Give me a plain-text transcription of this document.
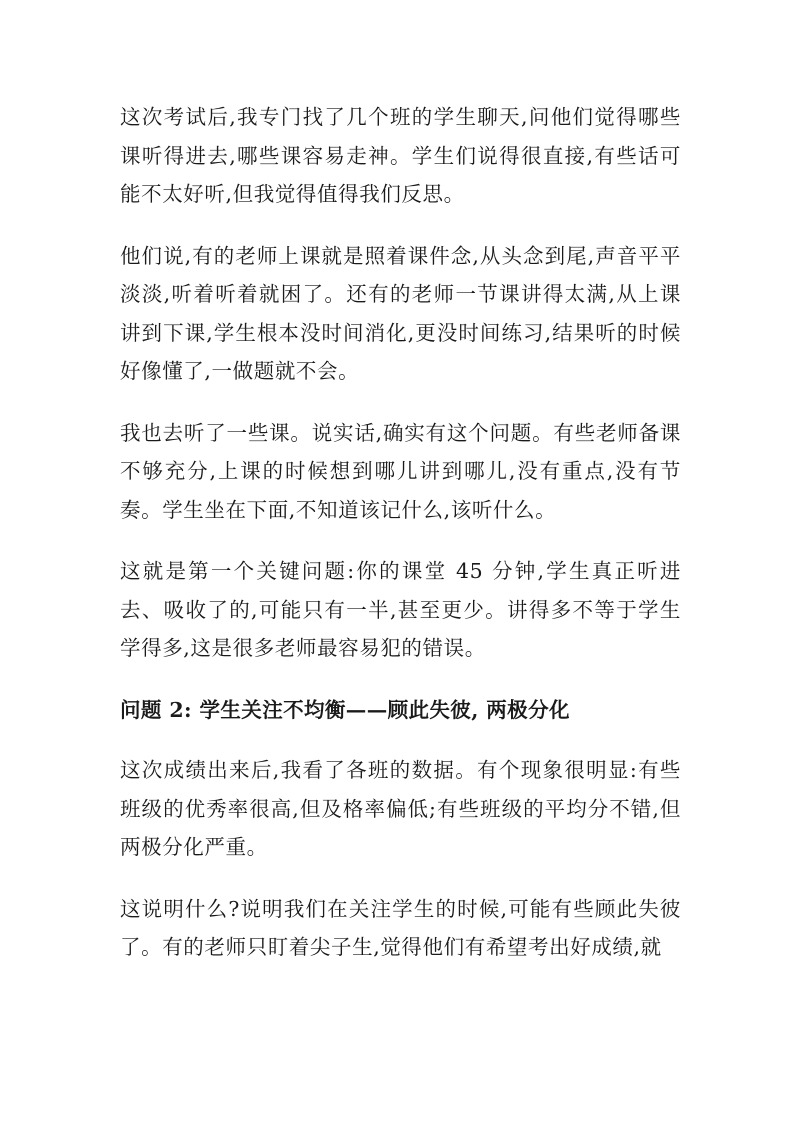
这次考试后,我专门找了几个班的学生聊天,问他们觉得哪些课听得进去,哪些课容易走神。学生们说得很直接,有些话可能不太好听,但我觉得值得我们反思。

他们说,有的老师上课就是照着课件念,从头念到尾,声音平平淡淡,听着听着就困了。还有的老师一节课讲得太满,从上课讲到下课,学生根本没时间消化,更没时间练习,结果听的时候好像懂了,一做题就不会。

我也去听了一些课。说实话,确实有这个问题。有些老师备课不够充分,上课的时候想到哪儿讲到哪儿,没有重点,没有节奏。学生坐在下面,不知道该记什么,该听什么。

这就是第一个关键问题:你的课堂 45 分钟,学生真正听进去、吸收了的,可能只有一半,甚至更少。讲得多不等于学生学得多,这是很多老师最容易犯的错误。

问题 2: 学生关注不均衡——顾此失彼, 两极分化

这次成绩出来后,我看了各班的数据。有个现象很明显:有些班级的优秀率很高,但及格率偏低;有些班级的平均分不错,但两极分化严重。

这说明什么?说明我们在关注学生的时候,可能有些顾此失彼了。有的老师只盯着尖子生,觉得他们有希望考出好成绩,就
